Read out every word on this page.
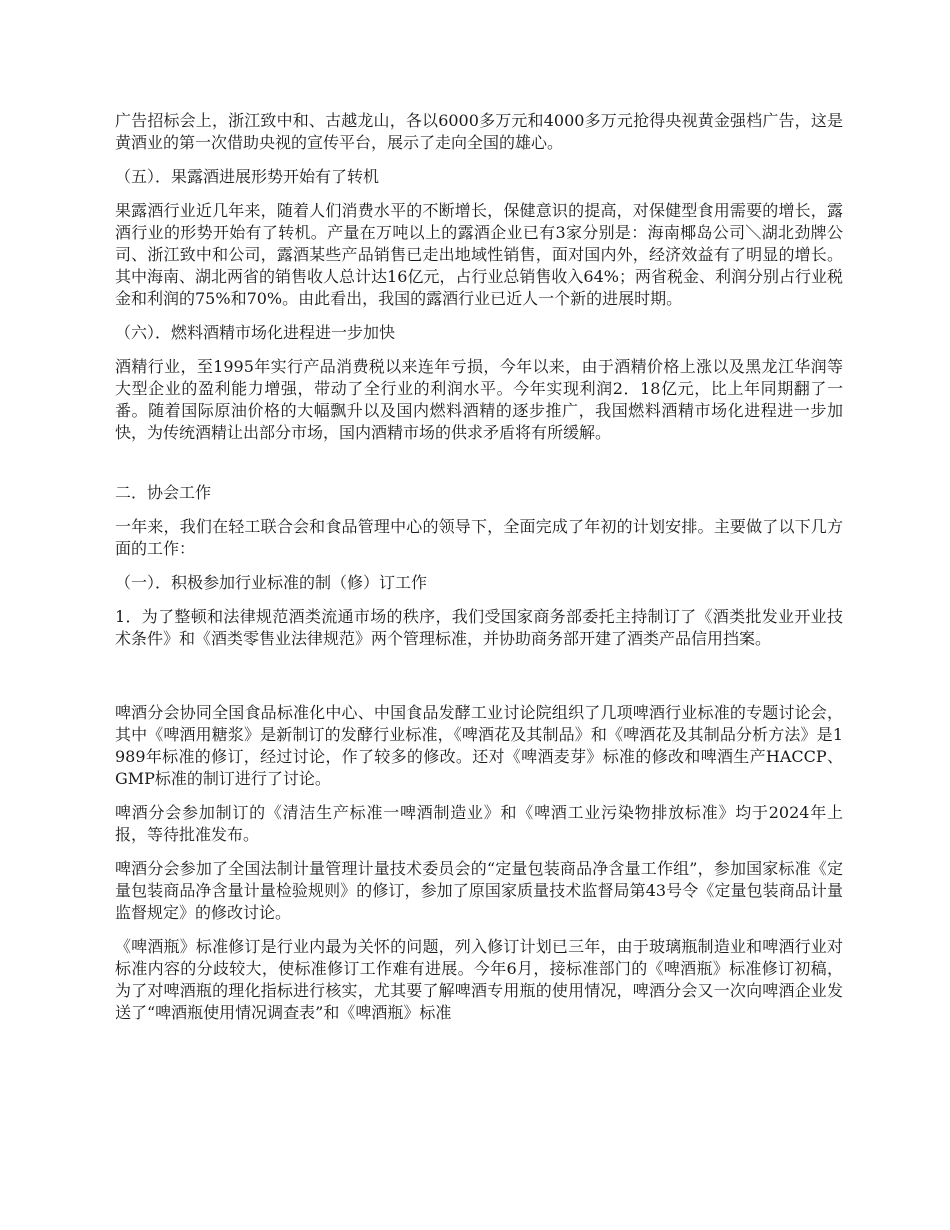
广告招标会上，浙江致中和、古越龙山，各以6000多万元和4000多万元抢得央视黄金强档广告，这是黄酒业的第一次借助央视的宣传平台，展示了走向全国的雄心。

（五）．果露酒进展形势开始有了转机

果露酒行业近几年来，随着人们消费水平的不断增长，保健意识的提高，对保健型食用需要的增长，露酒行业的形势开始有了转机。产量在万吨以上的露酒企业已有3家分别是：海南椰岛公司＼湖北劲牌公司、浙江致中和公司，露酒某些产品销售已走出地域性销售，面对国内外，经济效益有了明显的增长。其中海南、湖北两省的销售收人总计达16亿元，占行业总销售收入64%；两省税金、利润分别占行业税金和利润的75%和70%。由此看出，我国的露酒行业已近人一个新的进展时期。

（六）．燃料酒精市场化进程进一步加快

酒精行业，至1995年实行产品消费税以来连年亏损，今年以来，由于酒精价格上涨以及黑龙江华润等大型企业的盈利能力增强，带动了全行业的利润水平。今年实现利润2．18亿元，比上年同期翻了一番。随着国际原油价格的大幅飘升以及国内燃料酒精的逐步推广，我国燃料酒精市场化进程进一步加快，为传统酒精让出部分市场，国内酒精市场的供求矛盾将有所缓解。

二．协会工作

一年来，我们在轻工联合会和食品管理中心的领导下，全面完成了年初的计划安排。主要做了以下几方面的工作：

（一）．积极参加行业标准的制（修）订工作

1．为了整顿和法律规范酒类流通市场的秩序，我们受国家商务部委托主持制订了《酒类批发业开业技术条件》和《酒类零售业法律规范》两个管理标准，并协助商务部开建了酒类产品信用挡案。

啤酒分会协同全国食品标准化中心、中国食品发酵工业讨论院组织了几项啤酒行业标准的专题讨论会，其中《啤酒用糖浆》是新制订的发酵行业标准，《啤酒花及其制品》和《啤酒花及其制品分析方法》是1989年标准的修订，经过讨论，作了较多的修改。还对《啤酒麦芽》标准的修改和啤酒生产HACCP、GMP标准的制订进行了讨论。

啤酒分会参加制订的《清洁生产标准一啤酒制造业》和《啤酒工业污染物排放标准》均于2024年上报，等待批准发布。

啤酒分会参加了全国法制计量管理计量技术委员会的“定量包装商品净含量工作组”，参加国家标准《定量包装商品净含量计量检验规则》的修订，参加了原国家质量技术监督局第43号令《定量包装商品计量监督规定》的修改讨论。

《啤酒瓶》标准修订是行业内最为关怀的问题，列入修订计划已三年，由于玻璃瓶制造业和啤酒行业对标准内容的分歧较大，使标准修订工作难有进展。今年6月，接标准部门的《啤酒瓶》标准修订初稿，为了对啤酒瓶的理化指标进行核实，尤其要了解啤酒专用瓶的使用情况，啤酒分会又一次向啤酒企业发送了“啤酒瓶使用情况调查表”和《啤酒瓶》标准
